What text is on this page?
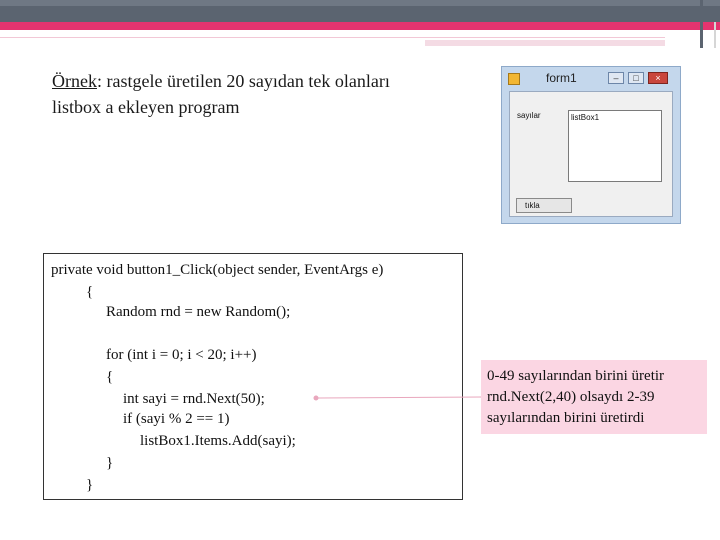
Örnek: rastgele üretilen 20 sayıdan tek olanları
listbox a ekleyen program
form1	–	□	×
sayılar	listBox1
tıkla
private void button1_Click(object sender, EventArgs e)
{
Random rnd = new Random();
for (int i = 0; i < 20; i++)
{
int sayi = rnd.Next(50);
if (sayi % 2 == 1)
listBox1.Items.Add(sayi);
}
}
0-49 sayılarından birini üretir rnd.Next(2,40) olsaydı 2-39 sayılarından birini üretirdi
